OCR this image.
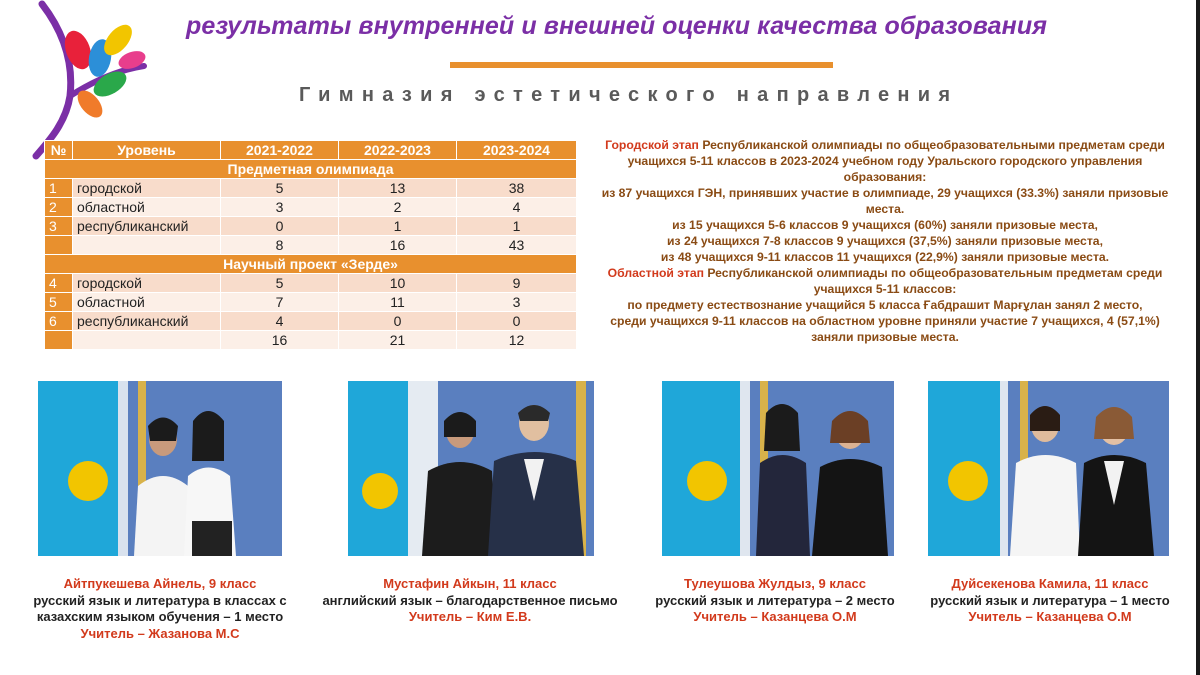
результаты внутренней и внешней оценки качества образования
Гимназия эстетического направления
№	Уровень	2021-2022	2022-2023	2023-2024
Предметная олимпиада				
1	городской	5	13	38
2	областной	3	2	4
3	республиканский	0	1	1
		8	16	43
Научный проект «Зерде»				
4	городской	5	10	9
5	областной	7	11	3
6	республиканский	4	0	0
		16	21	12
Городской этап Республиканской олимпиады по общеобразовательными предметам среди учащихся 5-11 классов в 2023-2024 учебном году Уральского городского управления образования:
из 87 учащихся ГЭН, принявших участие в олимпиаде, 29 учащихся (33.3%) заняли призовые места.
из 15 учащихся 5-6 классов 9 учащихся (60%) заняли призовые места,
из 24 учащихся 7-8 классов 9 учащихся (37,5%) заняли призовые места,
из 48 учащихся 9-11 классов 11 учащихся (22,9%) заняли призовые места.
Областной этап Республиканской олимпиады по общеобразовательным предметам среди учащихся 5-11 классов:
по предмету естествознание учащийся 5 класса Ғабдрашит Марғұлан занял 2 место,
среди учащихся 9-11 классов на областном уровне приняли участие 7 учащихся, 4 (57,1%) заняли призовые места.
Айтпукешева Айнель, 9 класс
русский язык и литература в классах с казахским языком обучения – 1 место
Учитель – Жазанова М.С
Мустафин Айкын, 11 класс
английский язык – благодарственное письмо
Учитель – Ким Е.В.
Тулеушова Жулдыз, 9 класс
русский язык и литература – 2 место
Учитель – Казанцева О.М
Дуйсекенова Камила, 11 класс
русский язык и литература – 1 место
Учитель – Казанцева О.М
